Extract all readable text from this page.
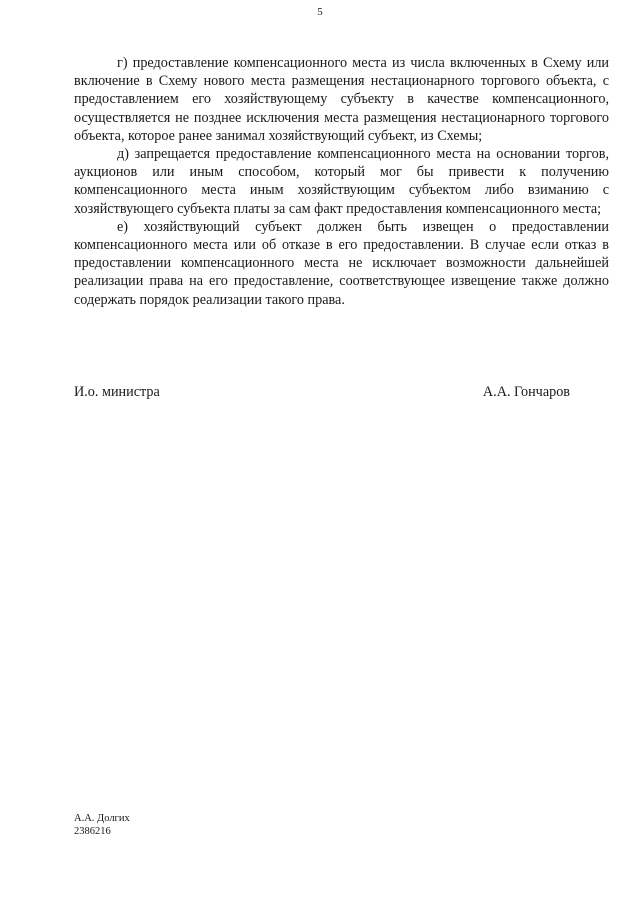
5

г) предоставление компенсационного места из числа включенных в Схему или включение в Схему нового места размещения нестационарного торгового объекта, с предоставлением его хозяйствующему субъекту в качестве компенсационного, осуществляется не позднее исключения места размещения нестационарного торгового объекта, которое ранее занимал хозяйствующий субъект, из Схемы;

д) запрещается предоставление компенсационного места на основании торгов, аукционов или иным способом, который мог бы привести к получению компенсационного места иным хозяйствующим субъектом либо взиманию с хозяйствующего субъекта платы за сам факт предоставления компенсационного места;

е) хозяйствующий субъект должен быть извещен о предоставлении компенсационного места или об отказе в его предоставлении. В случае если отказ в предоставлении компенсационного места не исключает возможности дальнейшей реализации права на его предоставление, соответствующее извещение также должно содержать порядок реализации такого права.

И.о. министра	А.А. Гончаров
А.А. Долгих
2386216
